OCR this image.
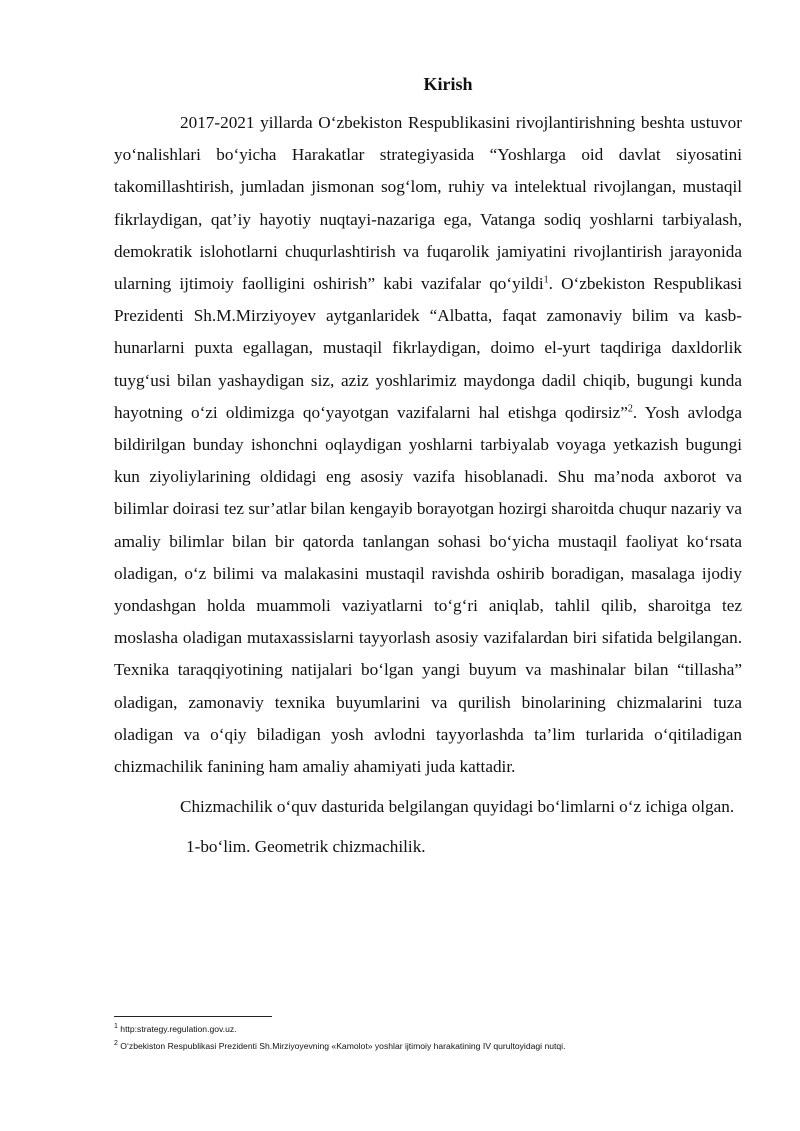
Kirish

2017-2021 yillarda O‘zbekiston Respublikasini rivojlantirishning beshta ustuvor yo‘nalishlari bo‘yicha Harakatlar strategiyasida “Yoshlarga oid davlat siyosatini takomillashtirish, jumladan jismonan sog‘lom, ruhiy va intelektual rivojlangan, mustaqil fikrlaydigan, qat’iy hayotiy nuqtayi-nazariga ega, Vatanga sodiq yoshlarni tarbiyalash, demokratik islohotlarni chuqurlashtirish va fuqarolik jamiyatini rivojlantirish jarayonida ularning ijtimoiy faolligini oshirish” kabi vazifalar qo‘yildi$^1$. O‘zbekiston Respublikasi Prezidenti Sh.M.Mirziyoyev aytganlaridek “Albatta, faqat zamonaviy bilim va kasb-hunarlarni puxta egallagan, mustaqil fikrlaydigan, doimo el-yurt taqdiriga daxldorlik tuyg‘usi bilan yashaydigan siz, aziz yoshlarimiz maydonga dadil chiqib, bugungi kunda hayotning o‘zi oldimizga qo‘yayotgan vazifalarni hal etishga qodirsiz”$^2$. Yosh avlodga bildirilgan bunday ishonchni oqlaydigan yoshlarni tarbiyalab voyaga yetkazish bugungi kun ziyoliylarining oldidagi eng asosiy vazifa hisoblanadi. Shu ma’noda axborot va bilimlar doirasi tez sur’atlar bilan kengayib borayotgan hozirgi sharoitda chuqur nazariy va amaliy bilimlar bilan bir qatorda tanlangan sohasi bo‘yicha mustaqil faoliyat ko‘rsata oladigan, o‘z bilimi va malakasini mustaqil ravishda oshirib boradigan, masalaga ijodiy yondashgan holda muammoli vaziyatlarni to‘g‘ri aniqlab, tahlil qilib, sharoitga tez moslasha oladigan mutaxassislarni tayyorlash asosiy vazifalardan biri sifatida belgilangan. Texnika taraqqiyotining natijalari bo‘lgan yangi buyum va mashinalar bilan “tillasha” oladigan, zamonaviy texnika buyumlarini va qurilish binolarining chizmalarini tuza oladigan va o‘qiy biladigan yosh avlodni tayyorlashda ta’lim turlarida o‘qitiladigan chizmachilik fanining ham amaliy ahamiyati juda kattadir.

Chizmachilik o‘quv dasturida belgilangan quyidagi bo‘limlarni o‘z ichiga olgan.

1-bo‘lim. Geometrik chizmachilik.

$^1$ http:strategy.regulation.gov.uz.
$^2$ O‘zbekiston Respublikasi Prezidenti Sh.Mirziyoyevning «Kamolot» yoshlar ijtimoiy harakatining IV qurultoyidagi nutqi.
